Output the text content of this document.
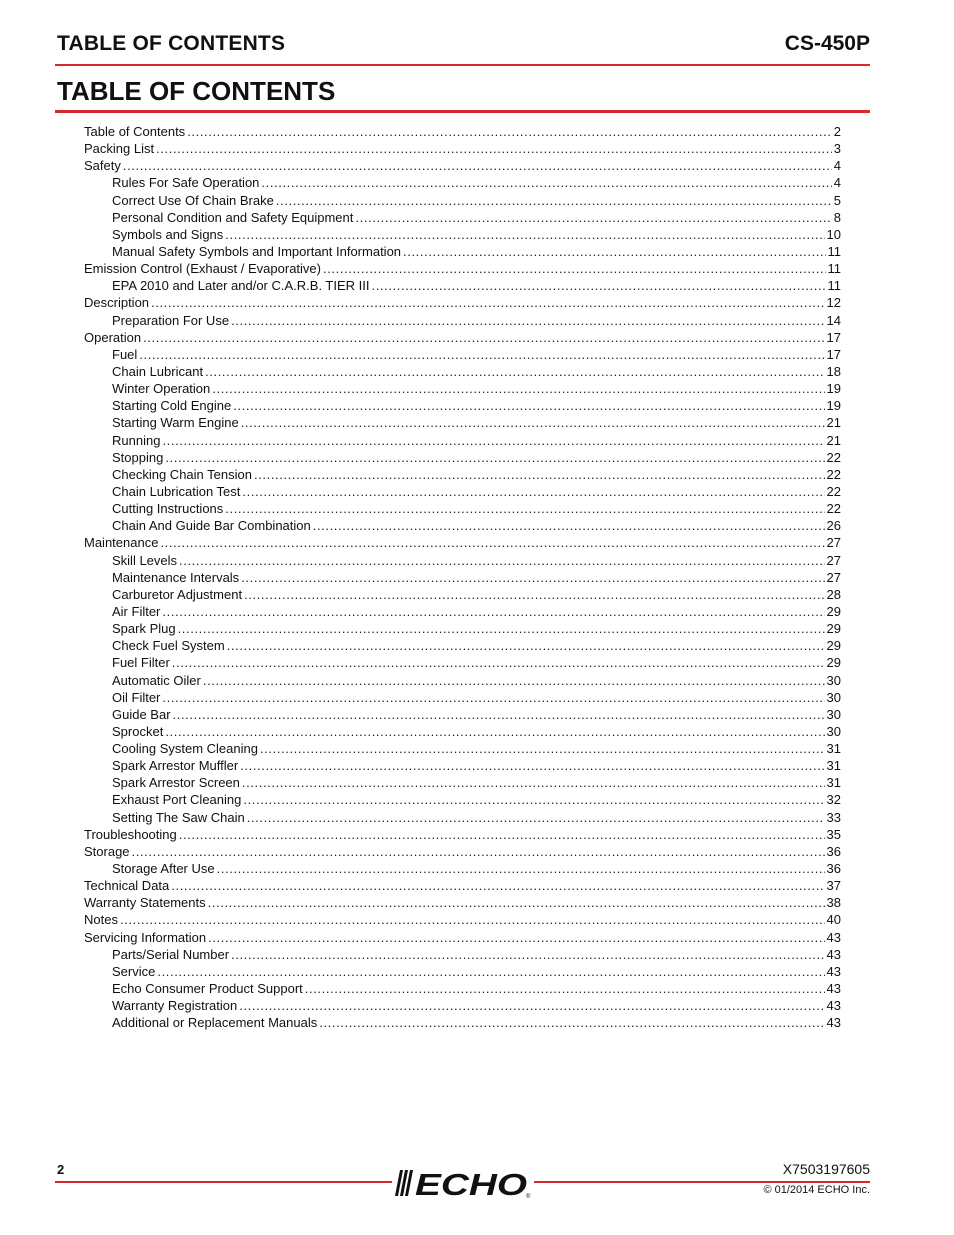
TABLE OF CONTENTS	CS-450P
TABLE OF CONTENTS
Table of Contents .....	2
Packing List .....	3
Safety .....	4
Rules For Safe Operation .....	4
Correct Use Of Chain Brake .....	5
Personal Condition and Safety Equipment .....	8
Symbols and Signs .....	10
Manual Safety Symbols and Important Information .....	11
Emission Control (Exhaust / Evaporative) .....	11
EPA 2010 and Later and/or C.A.R.B. TIER III .....	11
Description .....	12
Preparation For Use .....	14
Operation .....	17
Fuel .....	17
Chain Lubricant .....	18
Winter Operation .....	19
Starting Cold Engine .....	19
Starting Warm Engine .....	21
Running .....	21
Stopping .....	22
Checking Chain Tension .....	22
Chain Lubrication Test .....	22
Cutting Instructions .....	22
Chain And Guide Bar Combination .....	26
Maintenance .....	27
Skill Levels .....	27
Maintenance Intervals .....	27
Carburetor Adjustment .....	28
Air Filter .....	29
Spark Plug .....	29
Check Fuel System .....	29
Fuel Filter .....	29
Automatic Oiler .....	30
Oil Filter .....	30
Guide Bar .....	30
Sprocket .....	30
Cooling System Cleaning .....	31
Spark Arrestor Muffler .....	31
Spark Arrestor Screen .....	31
Exhaust Port Cleaning .....	32
Setting The Saw Chain .....	33
Troubleshooting .....	35
Storage .....	36
Storage After Use .....	36
Technical Data .....	37
Warranty Statements .....	38
Notes .....	40
Servicing Information .....	43
Parts/Serial Number .....	43
Service .....	43
Echo Consumer Product Support .....	43
Warranty Registration .....	43
Additional or Replacement Manuals .....	43
2	X7503197605
ECHO ®
© 01/2014 ECHO Inc.
